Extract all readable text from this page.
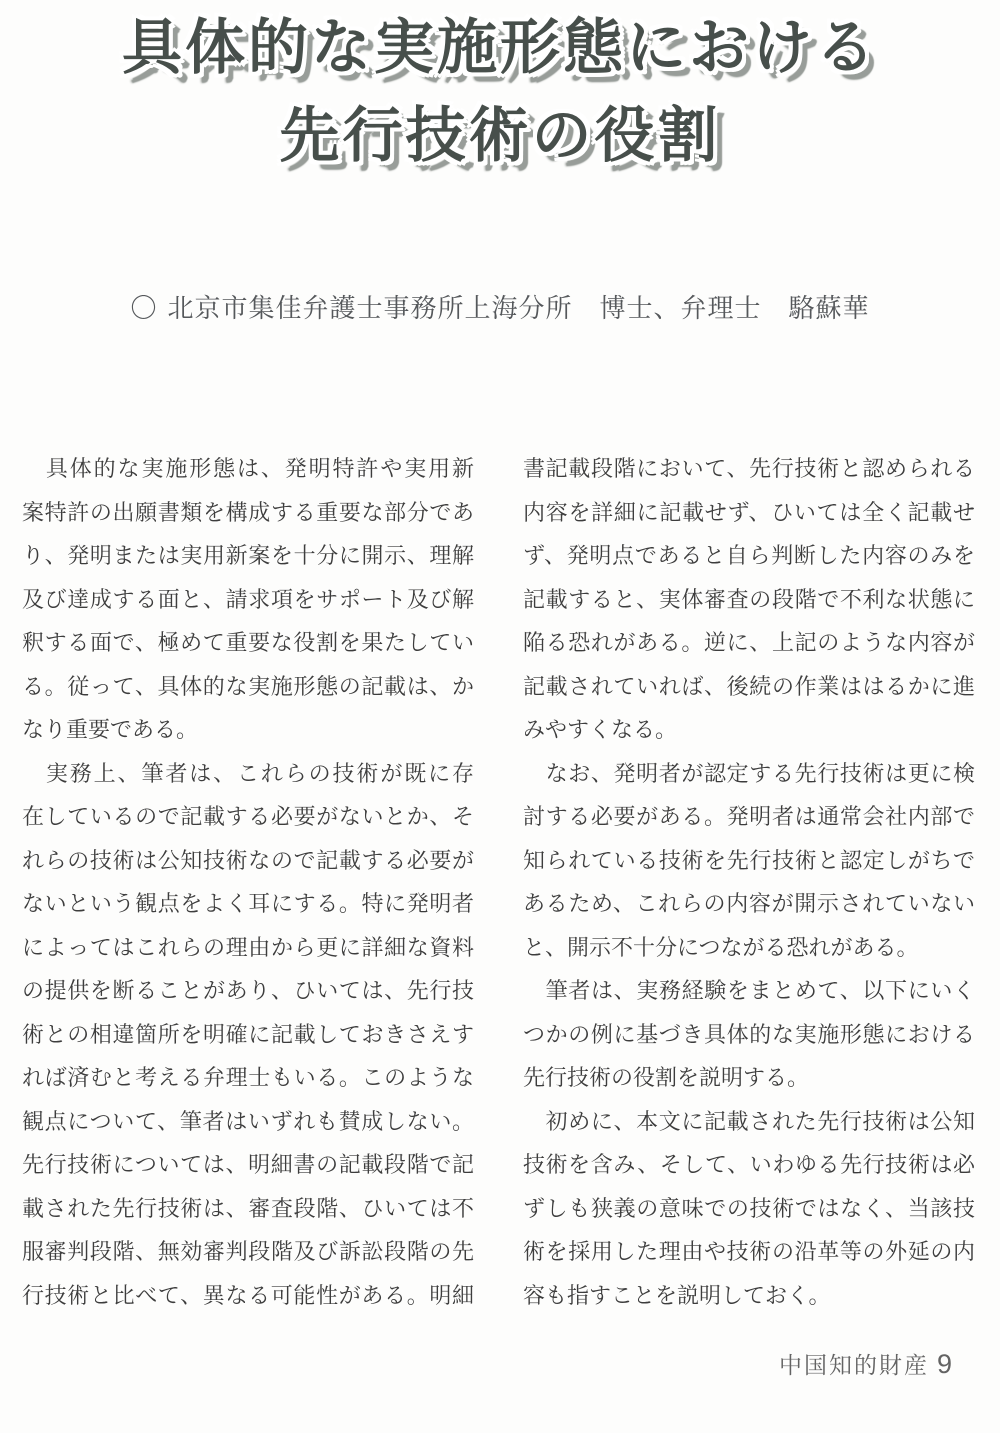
具体的な実施形態における
先行技術の役割
〇 北京市集佳弁護士事務所上海分所　博士、弁理士　駱蘇華
　具体的な実施形態は、発明特許や実用新
案特許の出願書類を構成する重要な部分であ
り、発明または実用新案を十分に開示、理解
及び達成する面と、請求項をサポート及び解
釈する面で、極めて重要な役割を果たしてい
る。従って、具体的な実施形態の記載は、か
なり重要である。
　実務上、筆者は、これらの技術が既に存
在しているので記載する必要がないとか、そ
れらの技術は公知技術なので記載する必要が
ないという観点をよく耳にする。特に発明者
によってはこれらの理由から更に詳細な資料
の提供を断ることがあり、ひいては、先行技
術との相違箇所を明確に記載しておきさえす
れば済むと考える弁理士もいる。このような
観点について、筆者はいずれも賛成しない。
先行技術については、明細書の記載段階で記
載された先行技術は、審査段階、ひいては不
服審判段階、無効審判段階及び訴訟段階の先
行技術と比べて、異なる可能性がある。明細
書記載段階において、先行技術と認められる
内容を詳細に記載せず、ひいては全く記載せ
ず、発明点であると自ら判断した内容のみを
記載すると、実体審査の段階で不利な状態に
陥る恐れがある。逆に、上記のような内容が
記載されていれば、後続の作業ははるかに進
みやすくなる。
　なお、発明者が認定する先行技術は更に検
討する必要がある。発明者は通常会社内部で
知られている技術を先行技術と認定しがちで
あるため、これらの内容が開示されていない
と、開示不十分につながる恐れがある。
　筆者は、実務経験をまとめて、以下にいく
つかの例に基づき具体的な実施形態における
先行技術の役割を説明する。
　初めに、本文に記載された先行技術は公知
技術を含み、そして、いわゆる先行技術は必
ずしも狭義の意味での技術ではなく、当該技
術を採用した理由や技術の沿革等の外延の内
容も指すことを説明しておく。
中国知的財産 9
